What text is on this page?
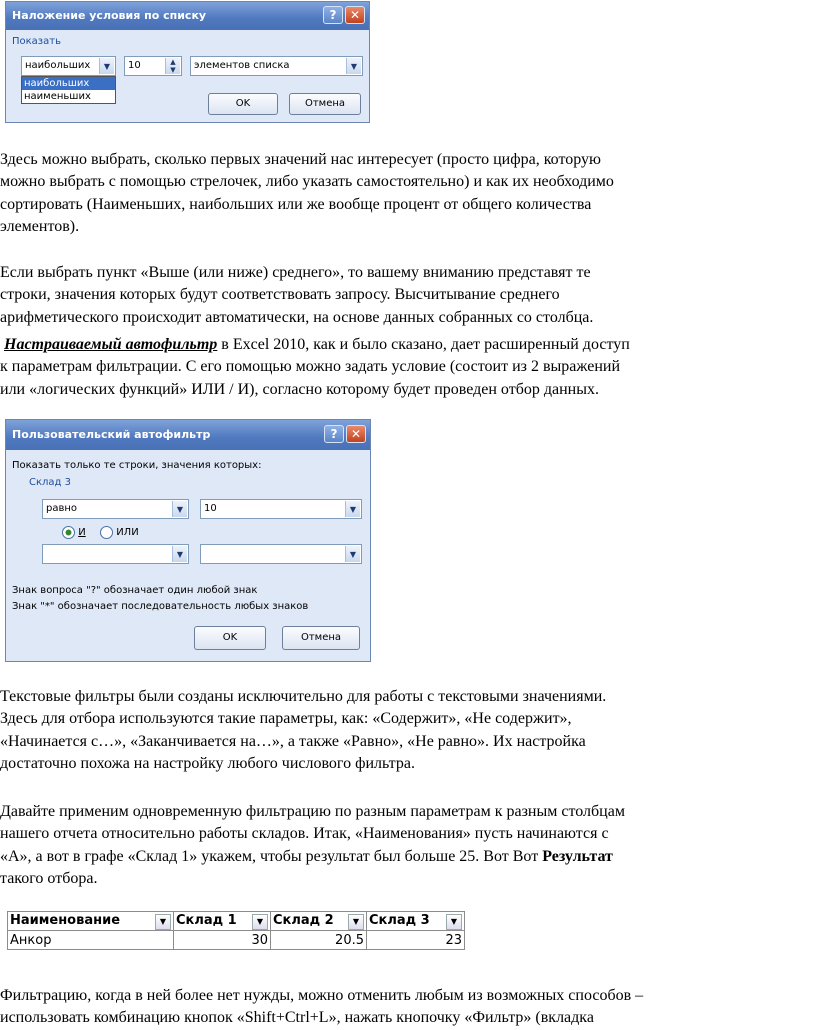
Наложение условия по списку	?	✕
Показать
наибольших	▼
наибольших
наименьших
10	▲
▼	элементов списка	▼
OK	Отмена

Здесь можно выбрать, сколько первых значений нас интересует (просто цифра, которую
можно выбрать с помощью стрелочек, либо указать самостоятельно) и как их необходимо
сортировать (Наименьших, наибольших или же вообще процент от общего количества
элементов).

Если выбрать пункт «Выше (или ниже) среднего», то вашему вниманию представят те
строки, значения которых будут соответствовать запросу. Высчитывание среднего
арифметического происходит автоматически, на основе данных собранных со столбца.

Настраиваемый автофильтр в Excel 2010, как и было сказано, дает расширенный доступ
к параметрам фильтрации. С его помощью можно задать условие (состоит из 2 выражений
или «логических функций» ИЛИ / И), согласно которому будет проведен отбор данных.

Пользовательский автофильтр	?	✕
Показать только те строки, значения которых:
Склад 3
равно	▼	10	▼
И	ИЛИ
▼	▼
Знак вопроса "?" обозначает один любой знак
Знак "*" обозначает последовательность любых знаков
OK	Отмена

Текстовые фильтры были созданы исключительно для работы с текстовыми значениями.
Здесь для отбора используются такие параметры, как: «Содержит», «Не содержит»,
«Начинается с…», «Заканчивается на…», а также «Равно», «Не равно». Их настройка
достаточно похожа на настройку любого числового фильтра.

Давайте применим одновременную фильтрацию по разным параметрам к разным столбцам
нашего отчета относительно работы складов. Итак, «Наименования» пусть начинаются с
«А», а вот в графе «Склад 1» укажем, чтобы результат был больше 25. Вот Вот Результат
такого отбора.

Наименование ▼	Склад 1 ▼	Склад 2 ▼	Склад 3 ▼

Анкор	30	20.5	23

Фильтрацию, когда в ней более нет нужды, можно отменить любым из возможных способов –
использовать комбинацию кнопок «Shift+Ctrl+L», нажать кнопочку «Фильтр» (вкладка
